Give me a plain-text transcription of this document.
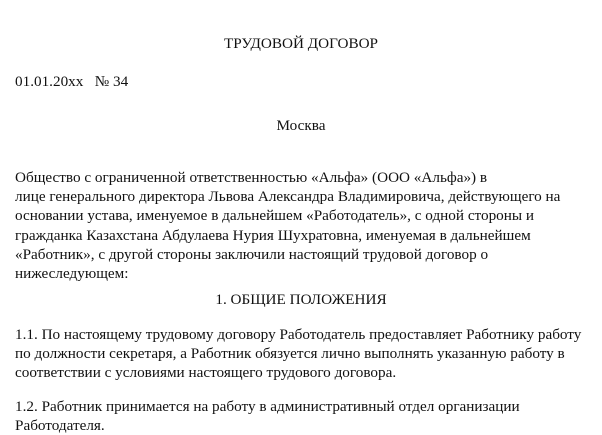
ТРУДОВОЙ ДОГОВОР
01.01.20xx № 34
Москва

Общество с ограниченной ответственностью «Альфа» (ООО «Альфа») в
лице генерального директора Львова Александра Владимировича, действующего на
основании устава, именуемое в дальнейшем «Работодатель», с одной стороны и
гражданка Казахстана Абдулаева Нурия Шухратовна, именуемая в дальнейшем
«Работник», с другой стороны заключили настоящий трудовой договор о
нижеследующем:

1. ОБЩИЕ ПОЛОЖЕНИЯ

1.1. По настоящему трудовому договору Работодатель предоставляет Работнику работу
по должности секретаря, а Работник обязуется лично выполнять указанную работу в
соответствии с условиями настоящего трудового договора.

1.2. Работник принимается на работу в административный отдел организации
Работодателя.
